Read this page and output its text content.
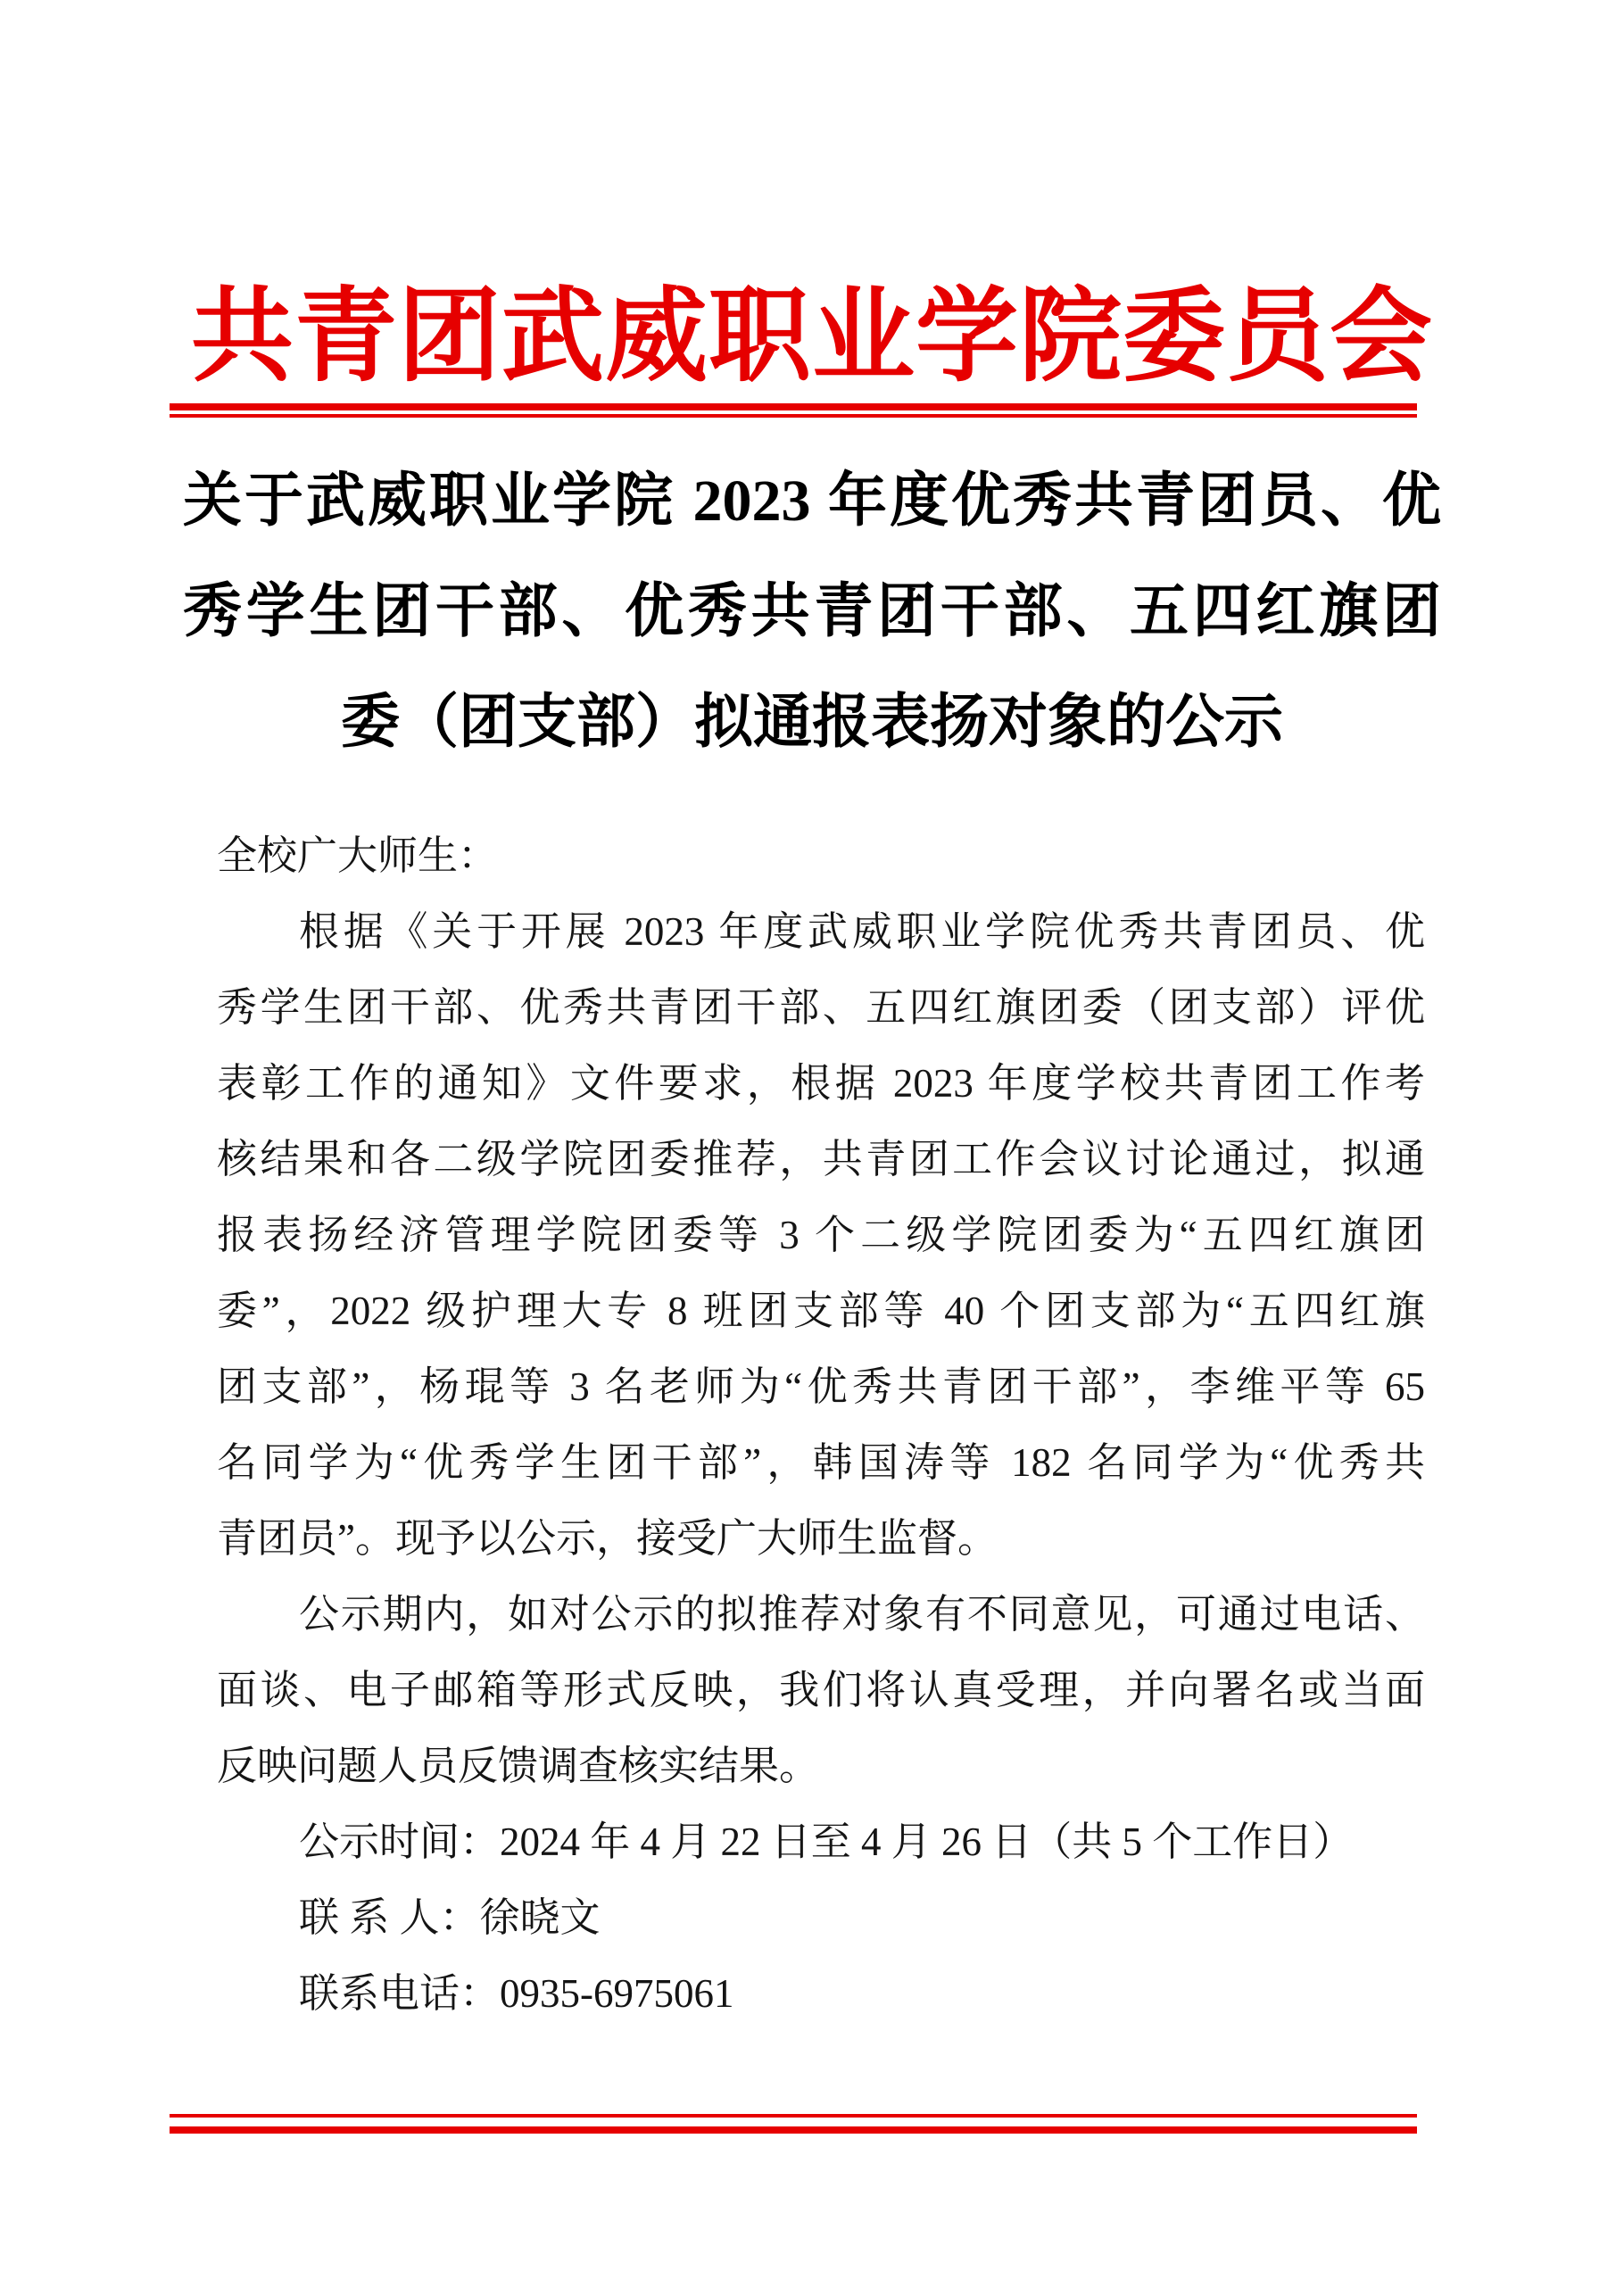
共青团武威职业学院委员会
关于武威职业学院 2023 年度优秀共青团员、优
秀学生团干部、优秀共青团干部、五四红旗团
委（团支部）拟通报表扬对象的公示
全校广大师生：
根据《关于开展 2023 年度武威职业学院优秀共青团员、优
秀学生团干部、优秀共青团干部、五四红旗团委（团支部）评优
表彰工作的通知》文件要求，根据 2023 年度学校共青团工作考
核结果和各二级学院团委推荐，共青团工作会议讨论通过，拟通
报表扬经济管理学院团委等 3 个二级学院团委为“五四红旗团
委”，2022 级护理大专 8 班团支部等 40 个团支部为“五四红旗
团支部”，杨琨等 3 名老师为“优秀共青团干部”，李维平等 65
名同学为“优秀学生团干部”，韩国涛等 182 名同学为“优秀共
青团员”。现予以公示，接受广大师生监督。
公示期内，如对公示的拟推荐对象有不同意见，可通过电话、
面谈、电子邮箱等形式反映，我们将认真受理，并向署名或当面
反映问题人员反馈调查核实结果。
公示时间：2024 年 4 月 22 日至 4 月 26 日（共 5 个工作日）
联 系 人：徐晓文
联系电话：0935-6975061
